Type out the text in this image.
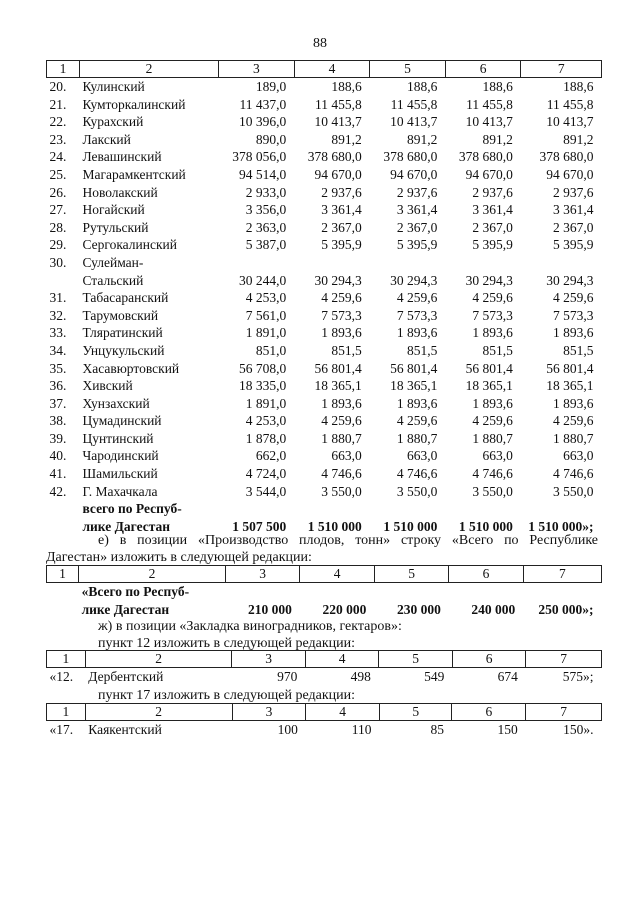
88
1	2	3	4	5	6	7
20.	Кулинский	189,0	188,6	188,6	188,6	188,6
21.	Кумторкалинский	11 437,0	11 455,8	11 455,8	11 455,8	11 455,8
22.	Курахский	10 396,0	10 413,7	10 413,7	10 413,7	10 413,7
23.	Лакский	890,0	891,2	891,2	891,2	891,2
24.	Левашинский	378 056,0	378 680,0	378 680,0	378 680,0	378 680,0
25.	Магарамкентский	94 514,0	94 670,0	94 670,0	94 670,0	94 670,0
26.	Новолакский	2 933,0	2 937,6	2 937,6	2 937,6	2 937,6
27.	Ногайский	3 356,0	3 361,4	3 361,4	3 361,4	3 361,4
28.	Рутульский	2 363,0	2 367,0	2 367,0	2 367,0	2 367,0
29.	Сергокалинский	5 387,0	5 395,9	5 395,9	5 395,9	5 395,9
30.	Сулейман-					
	Стальский	30 244,0	30 294,3	30 294,3	30 294,3	30 294,3
31.	Табасаранский	4 253,0	4 259,6	4 259,6	4 259,6	4 259,6
32.	Тарумовский	7 561,0	7 573,3	7 573,3	7 573,3	7 573,3
33.	Тляратинский	1 891,0	1 893,6	1 893,6	1 893,6	1 893,6
34.	Унцукульский	851,0	851,5	851,5	851,5	851,5
35.	Хасавюртовский	56 708,0	56 801,4	56 801,4	56 801,4	56 801,4
36.	Хивский	18 335,0	18 365,1	18 365,1	18 365,1	18 365,1
37.	Хунзахский	1 891,0	1 893,6	1 893,6	1 893,6	1 893,6
38.	Цумадинский	4 253,0	4 259,6	4 259,6	4 259,6	4 259,6
39.	Цунтинский	1 878,0	1 880,7	1 880,7	1 880,7	1 880,7
40.	Чародинский	662,0	663,0	663,0	663,0	663,0
41.	Шамильский	4 724,0	4 746,6	4 746,6	4 746,6	4 746,6
42.	Г. Махачкала	3 544,0	3 550,0	3 550,0	3 550,0	3 550,0
	всего по Респуб-					
	лике Дагестан	1 507 500	1 510 000	1 510 000	1 510 000	1 510 000»;
е) в позиции «Производство плодов, тонн» строку «Всего по Республике
Дагестан» изложить в следующей редакции:
1	2	3	4	5	6	7
	«Всего по Респуб-					
	лике Дагестан	210 000	220 000	230 000	240 000	250 000»;
ж) в позиции «Закладка виноградников, гектаров»:
пункт 12 изложить в следующей редакции:
1	2	3	4	5	6	7
«12.	Дербентский	970	498	549	674	575»;
пункт 17 изложить в следующей редакции:
1	2	3	4	5	6	7
«17.	Каякентский	100	110	85	150	150».
